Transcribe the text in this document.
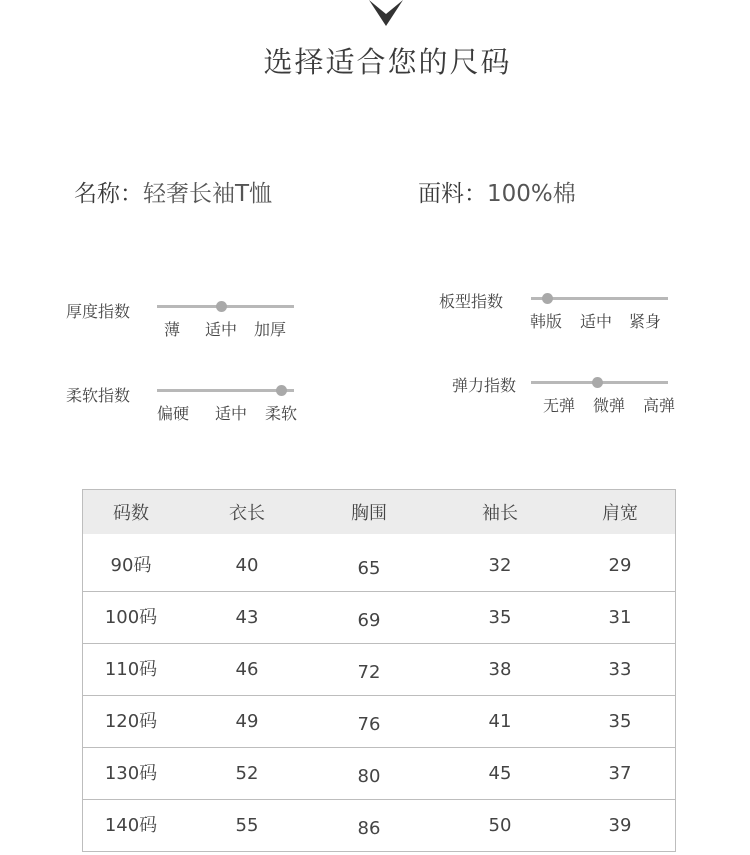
选择适合您的尺码
名称：轻奢长袖T恤	面料：100%棉
厚度指数
薄 适中 加厚
板型指数
韩版 适中 紧身
柔软指数
偏硬 适中 柔软
弹力指数
无弹 微弹 高弹
码数	衣长	胸围	袖长	肩宽
90码	40	65	32	29
100码	43	69	35	31
110码	46	72	38	33
120码	49	76	41	35
130码	52	80	45	37
140码	55	86	50	39
